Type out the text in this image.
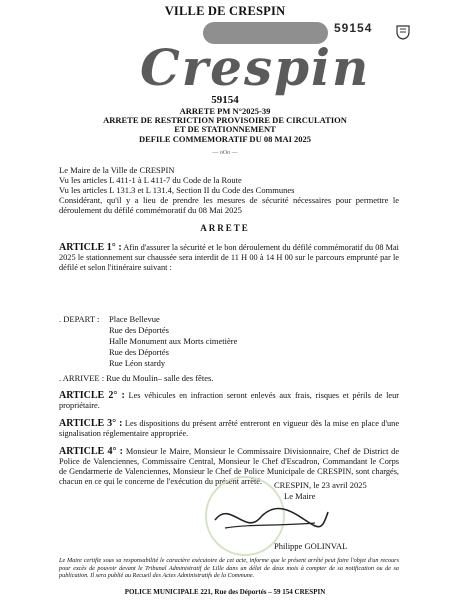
VILLE DE CRESPIN
59154
Crespin
59154
ARRETE PM N°2025-39
ARRETE DE RESTRICTION PROVISOIRE DE CIRCULATION
ET DE STATIONNEMENT
DEFILE COMMEMORATIF DU 08 MAI 2025
— oOo —
Le Maire de la Ville de CRESPIN
Vu les articles L 411-1 à L 411-7 du Code de la Route
Vu les articles L 131.3 et L 131.4, Section II du Code des Communes
Considérant, qu'il y a lieu de prendre les mesures de sécurité nécessaires pour permettre le déroulement du défilé commémoratif du 08 Mai 2025
ARRETE
ARTICLE 1° : Afin d'assurer la sécurité et le bon déroulement du défilé commémoratif du 08 Mai 2025 le stationnement sur chaussée sera interdit de 11 H 00 à 14 H 00 sur le parcours emprunté par le défilé et selon l'itinéraire suivant :
. DEPART : Place Bellevue
Rue des Déportés
Halle Monument aux Morts cimetière
Rue des Déportés
Rue Léon stardy
. ARRIVEE : Rue du Moulin– salle des fêtes.
ARTICLE 2° : Les véhicules en infraction seront enlevés aux frais, risques et périls de leur propriétaire.
ARTICLE 3° : Les dispositions du présent arrêté entreront en vigueur dès la mise en place d'une signalisation réglementaire appropriée.
ARTICLE 4° : Monsieur le Maire, Monsieur le Commissaire Divisionnaire, Chef de District de Police de Valenciennes, Commissaire Central, Monsieur le Chef d'Escadron, Commandant le Corps de Gendarmerie de Valenciennes, Monsieur le Chef de Police Municipale de CRESPIN, sont chargés, chacun en ce qui le concerne de l'exécution du présent arrêté.	CRESPIN, le 23 avril 2025
Le Maire
Philippe GOLINVAL
Le Maire certifie sous sa responsabilité le caractère exécutoire de cet acte, informe que le présent arrêté peut faire l'objet d'un recours pour excès de pouvoir devant le Tribunal Administratif de Lille dans un délai de deux mois à compter de sa notification ou de sa publication. Il sera publié au Recueil des Actes Administratifs de la Commune.
POLICE MUNICIPALE 221, Rue des Déportés – 59 154 CRESPIN
